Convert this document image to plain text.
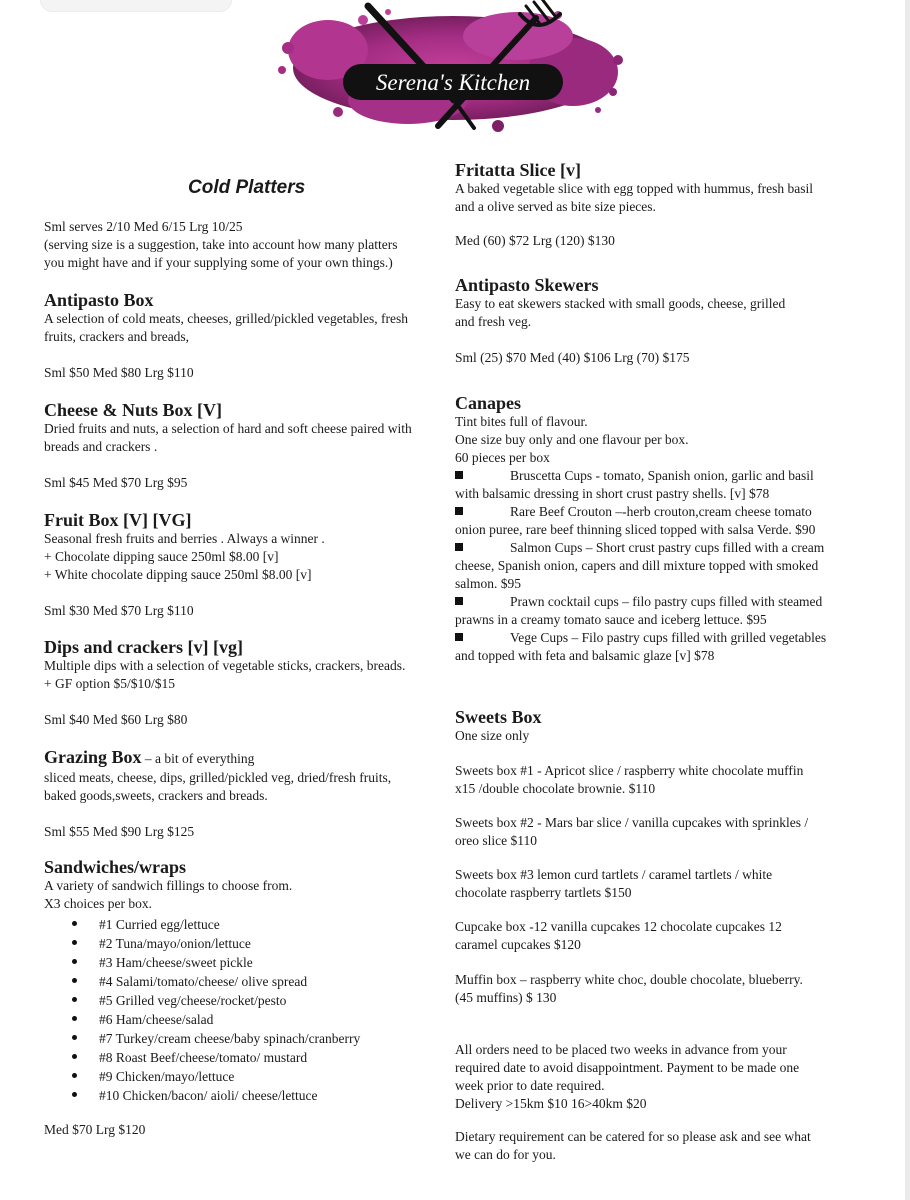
Serena's Kitchen
Cold Platters
Sml serves 2/10 Med 6/15 Lrg 10/25
(serving size is a suggestion, take into account how many platters
you might have and if your supplying some of your own things.)
Antipasto Box
A selection of cold meats, cheeses, grilled/pickled vegetables, fresh
fruits, crackers and breads,
Sml $50 Med $80 Lrg $110
Cheese & Nuts Box [V]
Dried fruits and nuts, a selection of hard and soft cheese paired with
breads and crackers .
Sml $45 Med $70 Lrg $95
Fruit Box [V] [VG]
Seasonal fresh fruits and berries . Always a winner .
+ Chocolate dipping sauce 250ml $8.00 [v]
+ White chocolate dipping sauce 250ml $8.00 [v]
Sml $30 Med $70 Lrg $110
Dips and crackers [v] [vg]
Multiple dips with a selection of vegetable sticks, crackers, breads.
+ GF option $5/$10/$15
Sml $40 Med $60 Lrg $80
Grazing Box – a bit of everything
sliced meats, cheese, dips, grilled/pickled veg, dried/fresh fruits,
baked goods,sweets, crackers and breads.
Sml $55 Med $90 Lrg $125
Sandwiches/wraps
A variety of sandwich fillings to choose from.
X3 choices per box.
#1 Curried egg/lettuce
#2 Tuna/mayo/onion/lettuce
#3 Ham/cheese/sweet pickle
#4 Salami/tomato/cheese/ olive spread
#5 Grilled veg/cheese/rocket/pesto
#6 Ham/cheese/salad
#7 Turkey/cream cheese/baby spinach/cranberry
#8 Roast Beef/cheese/tomato/ mustard
#9 Chicken/mayo/lettuce
#10 Chicken/bacon/ aioli/ cheese/lettuce
Med $70 Lrg $120
Fritatta Slice [v]
A baked vegetable slice with egg topped with hummus, fresh basil
and a olive served as bite size pieces.
Med (60) $72 Lrg (120) $130
Antipasto Skewers
Easy to eat skewers stacked with small goods, cheese, grilled
and fresh veg.
Sml (25) $70 Med (40) $106 Lrg (70) $175
Canapes
Tint bites full of flavour.
One size buy only and one flavour per box.
60 pieces per box
Bruscetta Cups - tomato, Spanish onion, garlic and basil
with balsamic dressing in short crust pastry shells. [v] $78
Rare Beef Crouton –-herb crouton,cream cheese tomato
onion puree, rare beef thinning sliced topped with salsa Verde. $90
Salmon Cups – Short crust pastry cups filled with a cream
cheese, Spanish onion, capers and dill mixture topped with smoked
salmon. $95
Prawn cocktail cups – filo pastry cups filled with steamed
prawns in a creamy tomato sauce and iceberg lettuce. $95
Vege Cups – Filo pastry cups filled with grilled vegetables
and topped with feta and balsamic glaze [v] $78
Sweets Box
One size only
Sweets box #1 - Apricot slice / raspberry white chocolate muffin
x15 /double chocolate brownie. $110
Sweets box #2 - Mars bar slice / vanilla cupcakes with sprinkles /
oreo slice $110
Sweets box #3 lemon curd tartlets / caramel tartlets / white
chocolate raspberry tartlets $150
Cupcake box -12 vanilla cupcakes 12 chocolate cupcakes 12
caramel cupcakes $120
Muffin box – raspberry white choc, double chocolate, blueberry.
(45 muffins) $ 130
All orders need to be placed two weeks in advance from your
required date to avoid disappointment. Payment to be made one
week prior to date required.
Delivery >15km $10 16>40km $20
Dietary requirement can be catered for so please ask and see what
we can do for you.
